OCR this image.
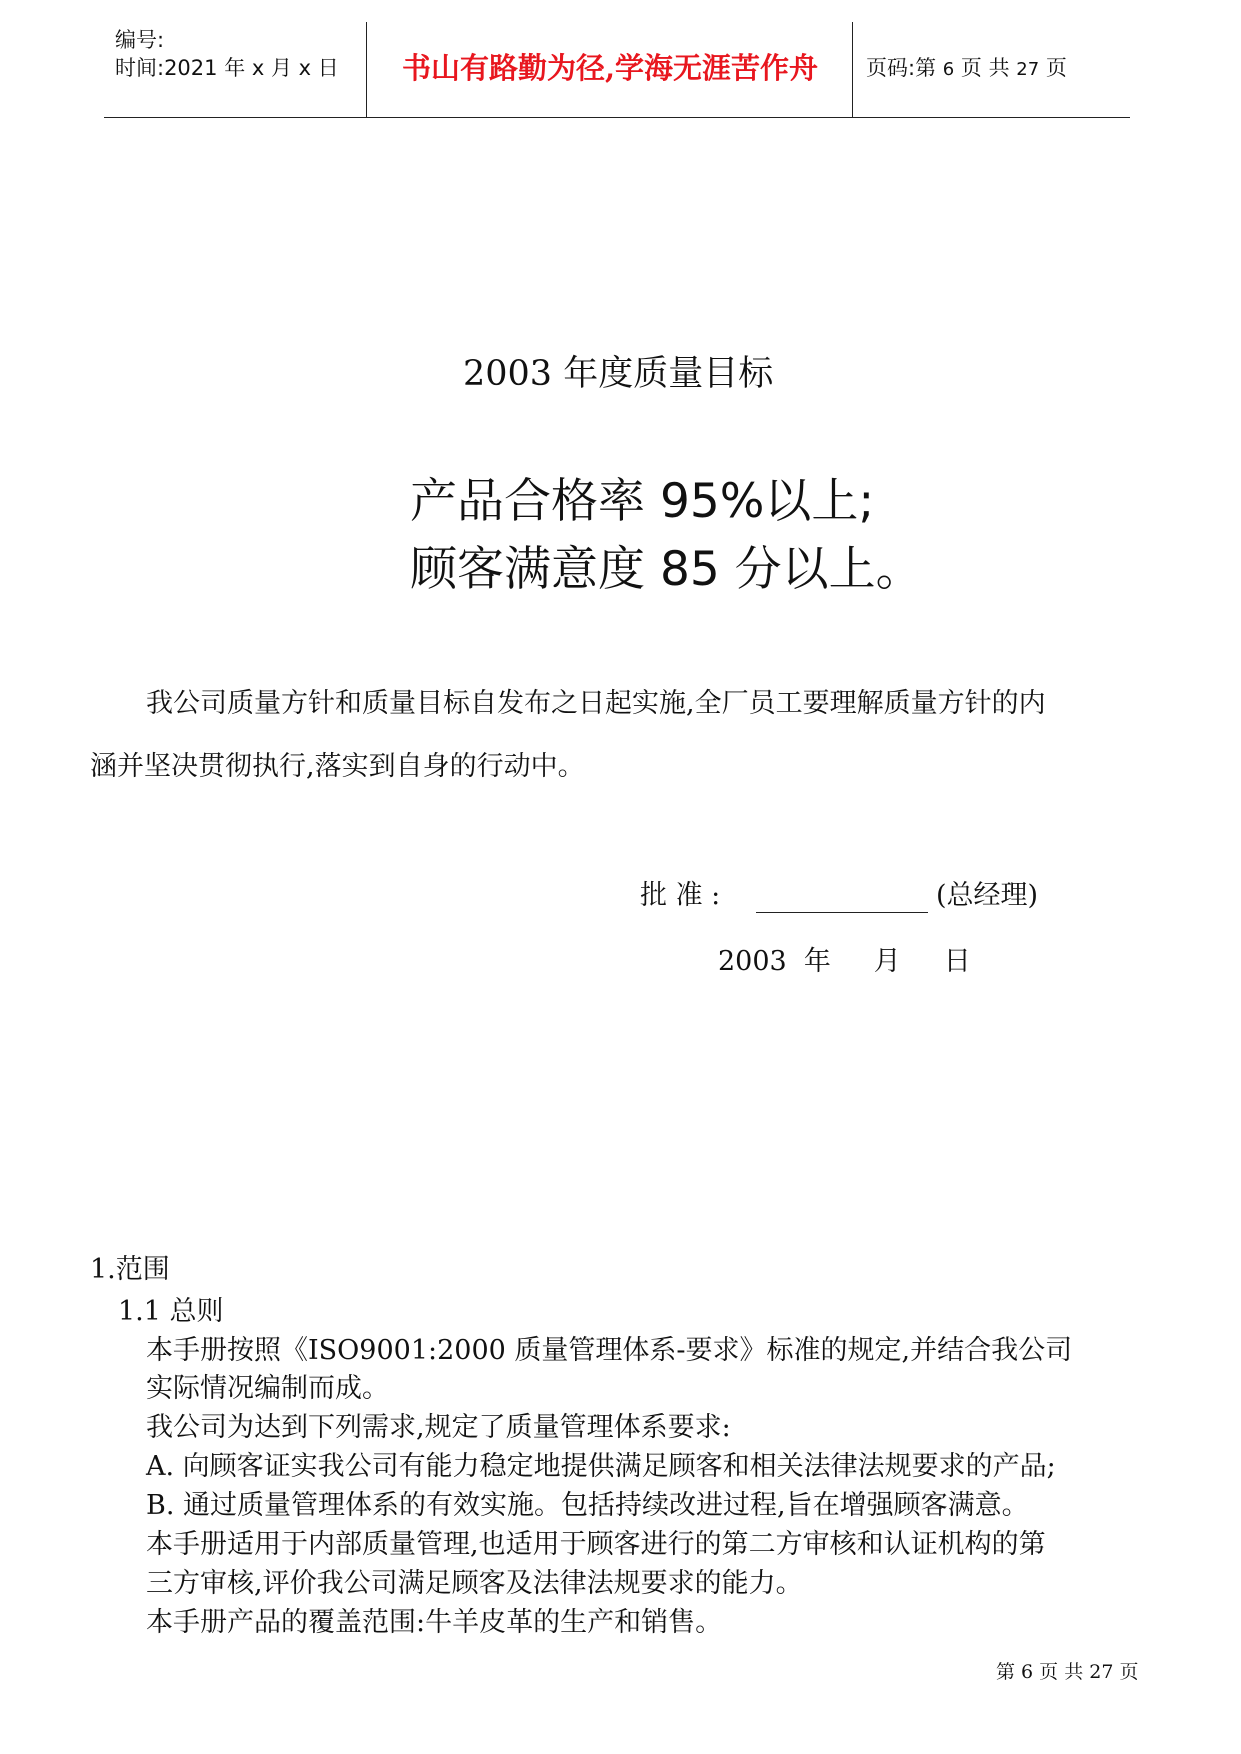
编号:
时间:2021 年 x 月 x 日	书山有路勤为径,学海无涯苦作舟	页码:第 6 页 共 27 页
2003 年度质量目标
产品合格率 95%以上;
顾客满意度 85 分以上。
我公司质量方针和质量目标自发布之日起实施,全厂员工要理解质量方针的内
涵并坚决贯彻执行,落实到自身的行动中。
批 准 :	(总经理)
2003  年     月     日
1.范围
1.1 总则
本手册按照《ISO9001:2000 质量管理体系-要求》标准的规定,并结合我公司
实际情况编制而成。
我公司为达到下列需求,规定了质量管理体系要求:
A. 向顾客证实我公司有能力稳定地提供满足顾客和相关法律法规要求的产品;
B. 通过质量管理体系的有效实施。包括持续改进过程,旨在增强顾客满意。
本手册适用于内部质量管理,也适用于顾客进行的第二方审核和认证机构的第
三方审核,评价我公司满足顾客及法律法规要求的能力。
本手册产品的覆盖范围:牛羊皮革的生产和销售。
第 6 页 共 27 页
